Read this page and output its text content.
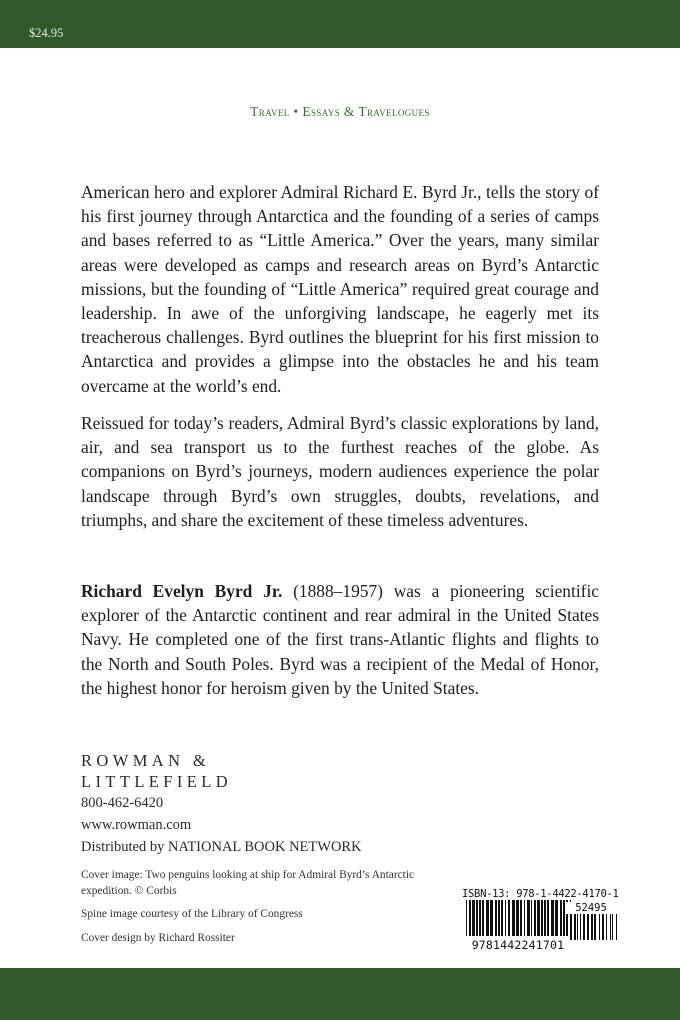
$24.95
Travel • Essays & Travelogues

American hero and explorer Admiral Richard E. Byrd Jr., tells the story of his first journey through Antarctica and the founding of a series of camps and bases referred to as “Little America.” Over the years, many similar areas were developed as camps and research areas on Byrd’s Antarctic missions, but the founding of “Little America” required great courage and leadership. In awe of the unforgiving landscape, he eagerly met its treacherous challenges. Byrd outlines the blueprint for his first mission to Antarctica and provides a glimpse into the obstacles he and his team overcame at the world’s end.

Reissued for today’s readers, Admiral Byrd’s classic explorations by land, air, and sea transport us to the furthest reaches of the globe. As companions on Byrd’s journeys, modern audiences experience the polar landscape through Byrd’s own struggles, doubts, revelations, and triumphs, and share the excitement of these timeless adventures.

Richard Evelyn Byrd Jr. (1888–1957) was a pioneering scientific explorer of the Antarctic continent and rear admiral in the United States Navy. He completed one of the first trans-Atlantic flights and flights to the North and South Poles. Byrd was a recipient of the Medal of Honor, the highest honor for heroism given by the United States.

ROWMAN &
LITTLEFIELD
800-462-6420
www.rowman.com
Distributed by NATIONAL BOOK NETWORK
Cover image: Two penguins looking at ship for Admiral Byrd’s Antarctic expedition. © Corbis
Spine image courtesy of the Library of Congress
Cover design by Richard Rossiter
ISBN-13: 978-1-4422-4170-1
52495
9781442241701
